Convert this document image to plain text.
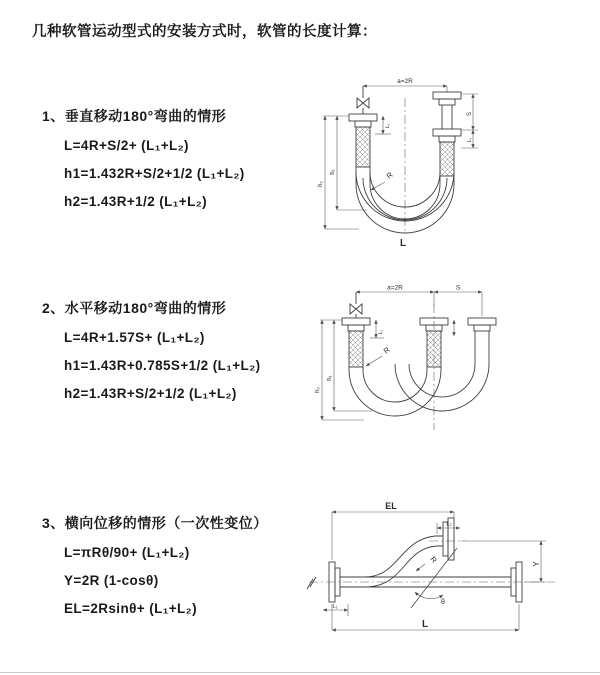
几种软管运动型式的安装方式时，软管的长度计算：
1、垂直移动180°弯曲的情形
L=4R+S/2+ (L₁+L₂)
h1=1.432R+S/2+1/2 (L₁+L₂)
h2=1.43R+1/2 (L₁+L₂)
2、水平移动180°弯曲的情形
L=4R+1.57S+ (L₁+L₂)
h1=1.43R+0.785S+1/2 (L₁+L₂)
h2=1.43R+S/2+1/2 (L₁+L₂)
3、横向位移的情形（一次性变位）
L=πRθ/90+ (L₁+L₂)
Y=2R (1-cosθ)
EL=2Rsinθ+ (L₁+L₂)
a=2R
h₁
h₂
L₁
S
L₂
R
L
a=2R	S
h₁
h₂
L₁
R
EL
L₂
Y
L
L₁
R
θ
